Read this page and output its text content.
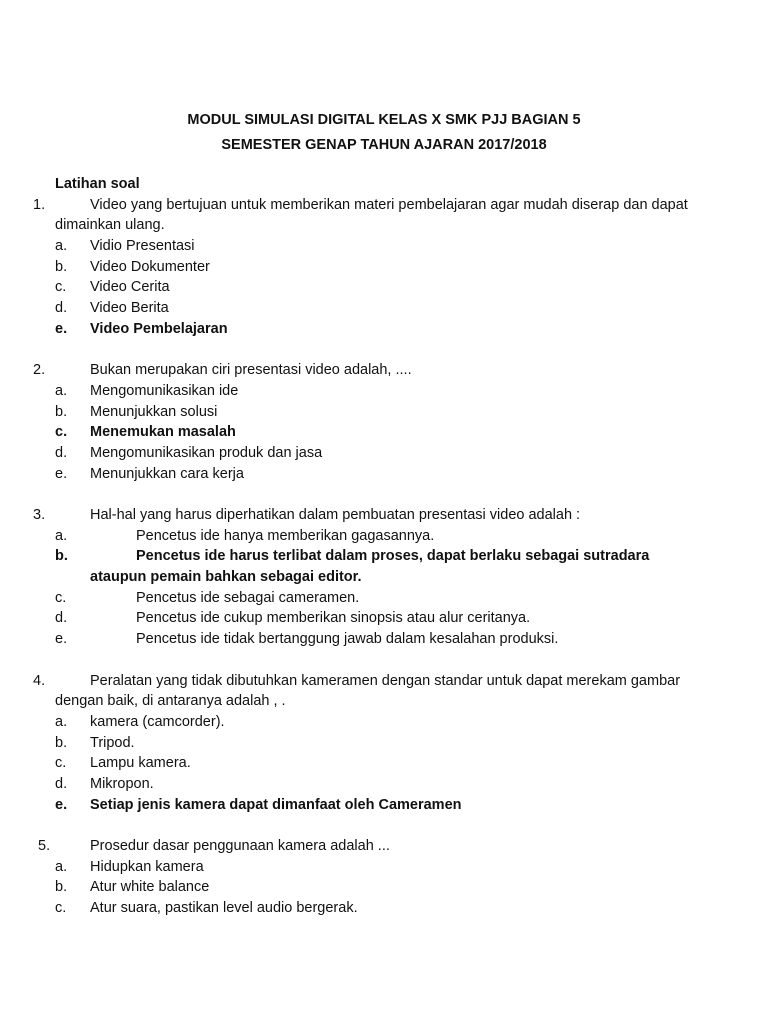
MODUL SIMULASI DIGITAL KELAS X SMK PJJ BAGIAN 5
SEMESTER GENAP TAHUN AJARAN 2017/2018
Latihan soal
1.	Video yang bertujuan untuk memberikan materi pembelajaran agar mudah diserap dan dapat
dimainkan ulang.
a. Vidio Presentasi
b. Video Dokumenter
c. Video Cerita
d. Video Berita
e. Video Pembelajaran
2.	Bukan merupakan ciri presentasi video adalah, ....
a. Mengomunikasikan ide
b. Menunjukkan solusi
c. Menemukan masalah
d. Mengomunikasikan produk dan jasa
e. Menunjukkan cara kerja
3.	Hal-hal yang harus diperhatikan dalam pembuatan presentasi video adalah :
a.	Pencetus ide hanya memberikan gagasannya.
b.	Pencetus ide harus terlibat dalam proses, dapat berlaku sebagai sutradara
ataupun pemain bahkan sebagai editor.
c.	Pencetus ide sebagai cameramen.
d.	Pencetus ide cukup memberikan sinopsis atau alur ceritanya.
e.	Pencetus ide tidak bertanggung jawab dalam kesalahan produksi.
4.	Peralatan yang tidak dibutuhkan kameramen dengan standar untuk dapat merekam gambar
dengan baik, di antaranya adalah , .
a. kamera (camcorder).
b. Tripod.
c. Lampu kamera.
d. Mikropon.
e. Setiap jenis kamera dapat dimanfaat oleh Cameramen
5.	Prosedur dasar penggunaan kamera adalah ...
a. Hidupkan kamera
b. Atur white balance
c. Atur suara, pastikan level audio bergerak.
